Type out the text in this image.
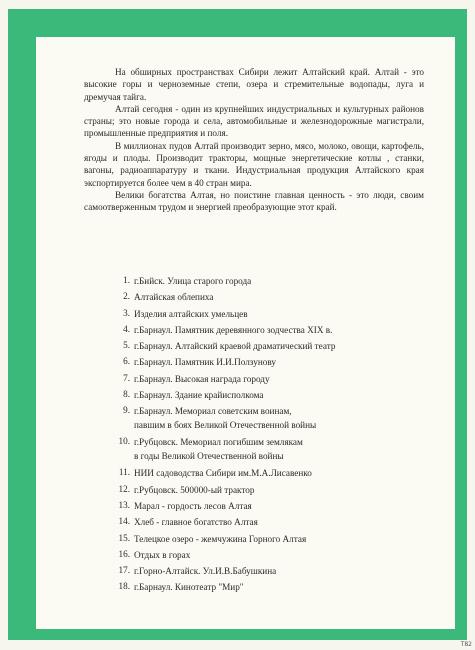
На обширных пространствах Сибири лежит Алтайский край. Алтай - это высокие горы и черноземные степи, озера и стремительные водопады, луга и дремучая тайга.

Алтай сегодня - один из крупнейших индустриальных и культурных районов страны; это новые города и села, автомобильные и железнодорожные магистрали, промышленные предприятия и поля.

В миллионах пудов Алтай производит зерно, мясо, молоко, овощи, картофель, ягоды и плоды. Производит тракторы, мощные энергетические котлы , станки, вагоны, радиоаппаратуру и ткани. Индустриальная продукция Алтайского края экспортируется более чем в 40 стран мира.

Велики богатства Алтая, но поистине главная ценность - это люди, своим самоотверженным трудом и энергией преобразующие этот край.

1. г.Бийск. Улица старого города
2. Алтайская облепиха
3. Изделия алтайских умельцев
4. г.Барнаул. Памятник деревянного зодчества XIX в.
5. г.Барнаул. Алтайский краевой драматический театр
6. г.Барнаул. Памятник И.И.Ползунову
7. г.Барнаул. Высокая награда городу
8. г.Барнаул. Здание крайисполкома
9. г.Барнаул. Мемориал советским воинам,
павшим в боях Великой Отечественной войны
10. г.Рубцовск. Мемориал погибшим землякам
в годы Великой Отечественной войны
11. НИИ садоводства Сибири им.М.А.Лисавенко
12. г.Рубцовск. 500000-ый трактор
13. Марал - гордость лесов Алтая
14. Хлеб - главное богатство Алтая
15. Телецкое озеро - жемчужина Горного Алтая
16. Отдых в горах
17. г.Горно-Алтайск. Ул.И.В.Бабушкина
18. г.Барнаул. Кинотеатр "Мир"
T82
